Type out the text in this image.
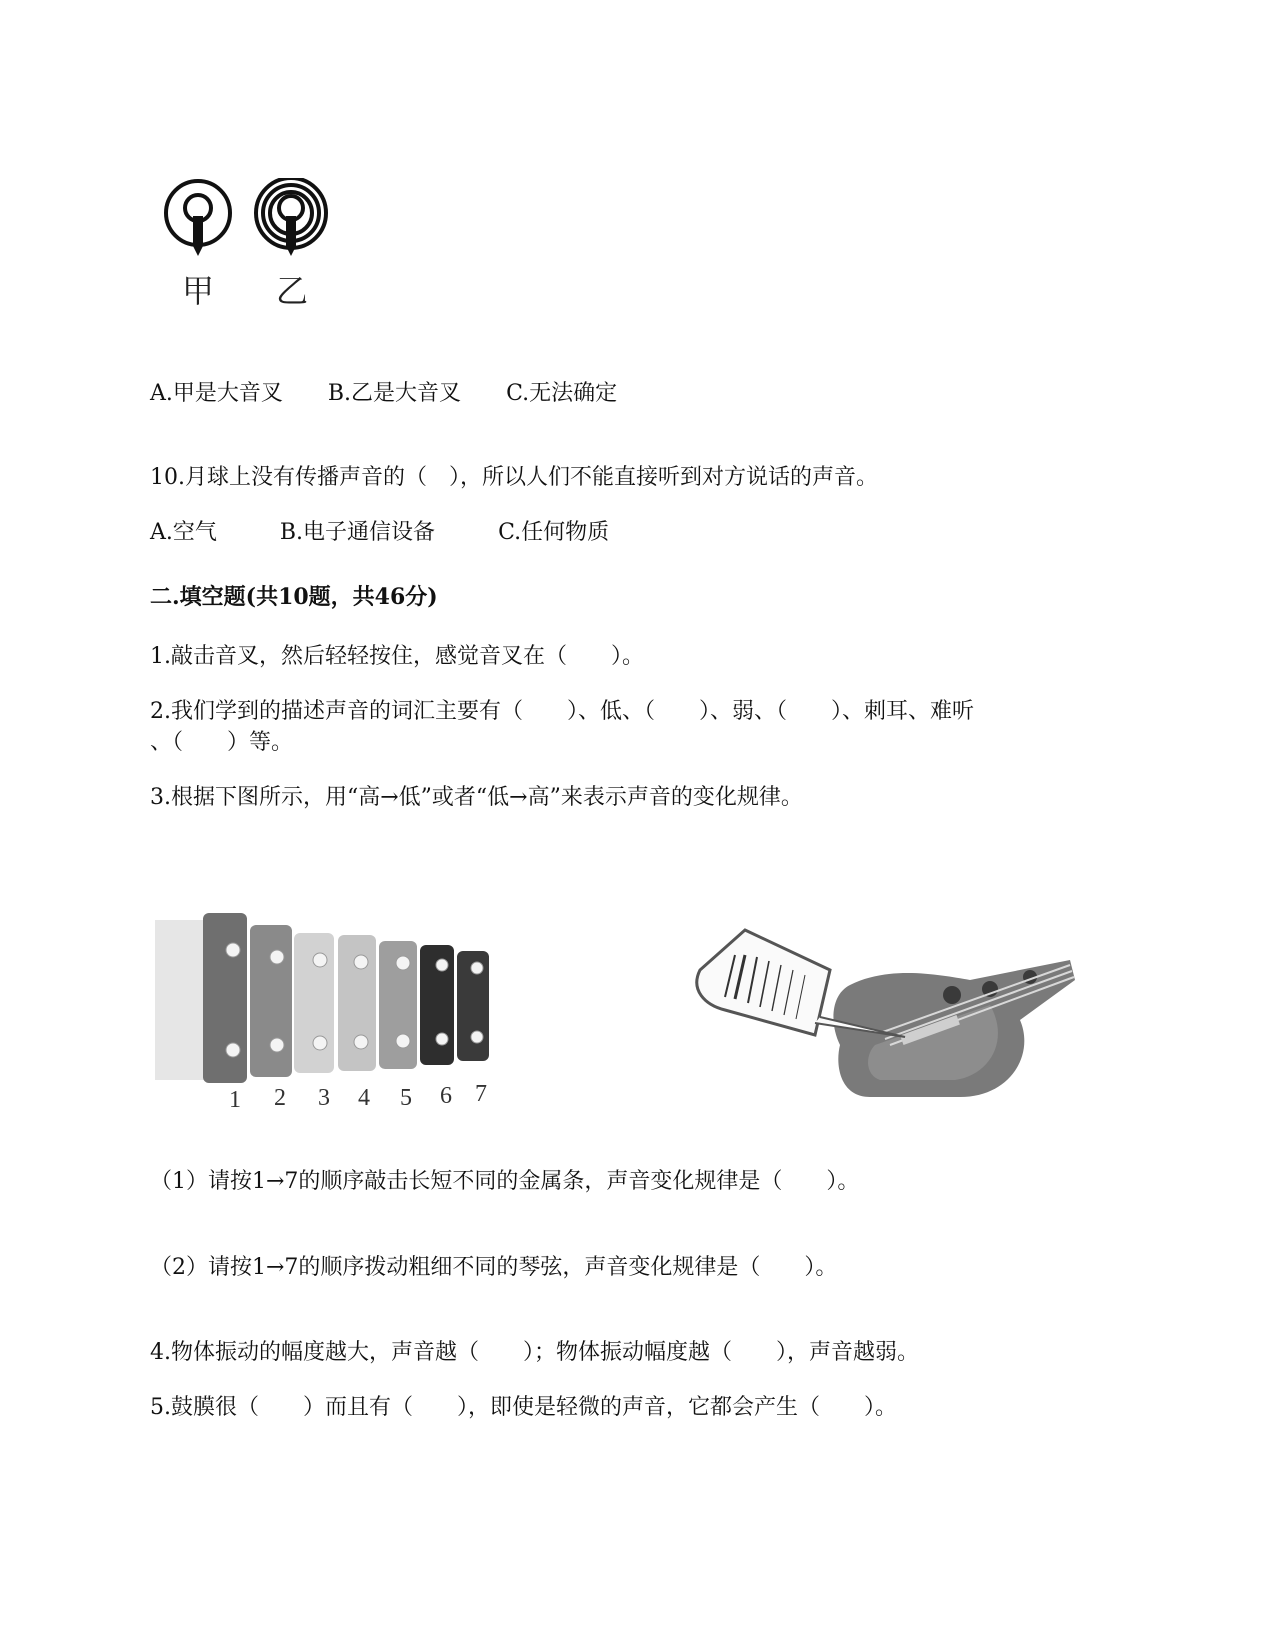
甲 乙
A.甲是大音叉 B.乙是大音叉 C.无法确定
10.月球上没有传播声音的（　），所以人们不能直接听到对方说话的声音。
A.空气	B.电子通信设备	C.任何物质
二.填空题(共10题，共46分)
1.敲击音叉，然后轻轻按住，感觉音叉在（　　）。
2.我们学到的描述声音的词汇主要有（　　）、低、（　　）、弱、（　　）、刺耳、难听
、（　　）等。
3.根据下图所示，用“高→低”或者“低→高”来表示声音的变化规律。
1 2 3 4 5 6 7
（1）请按1→7的顺序敲击长短不同的金属条，声音变化规律是（　　）。
（2）请按1→7的顺序拨动粗细不同的琴弦，声音变化规律是（　　）。
4.物体振动的幅度越大，声音越（　　）；物体振动幅度越（　　），声音越弱。
5.鼓膜很（　　）而且有（　　），即使是轻微的声音，它都会产生（　　）。
